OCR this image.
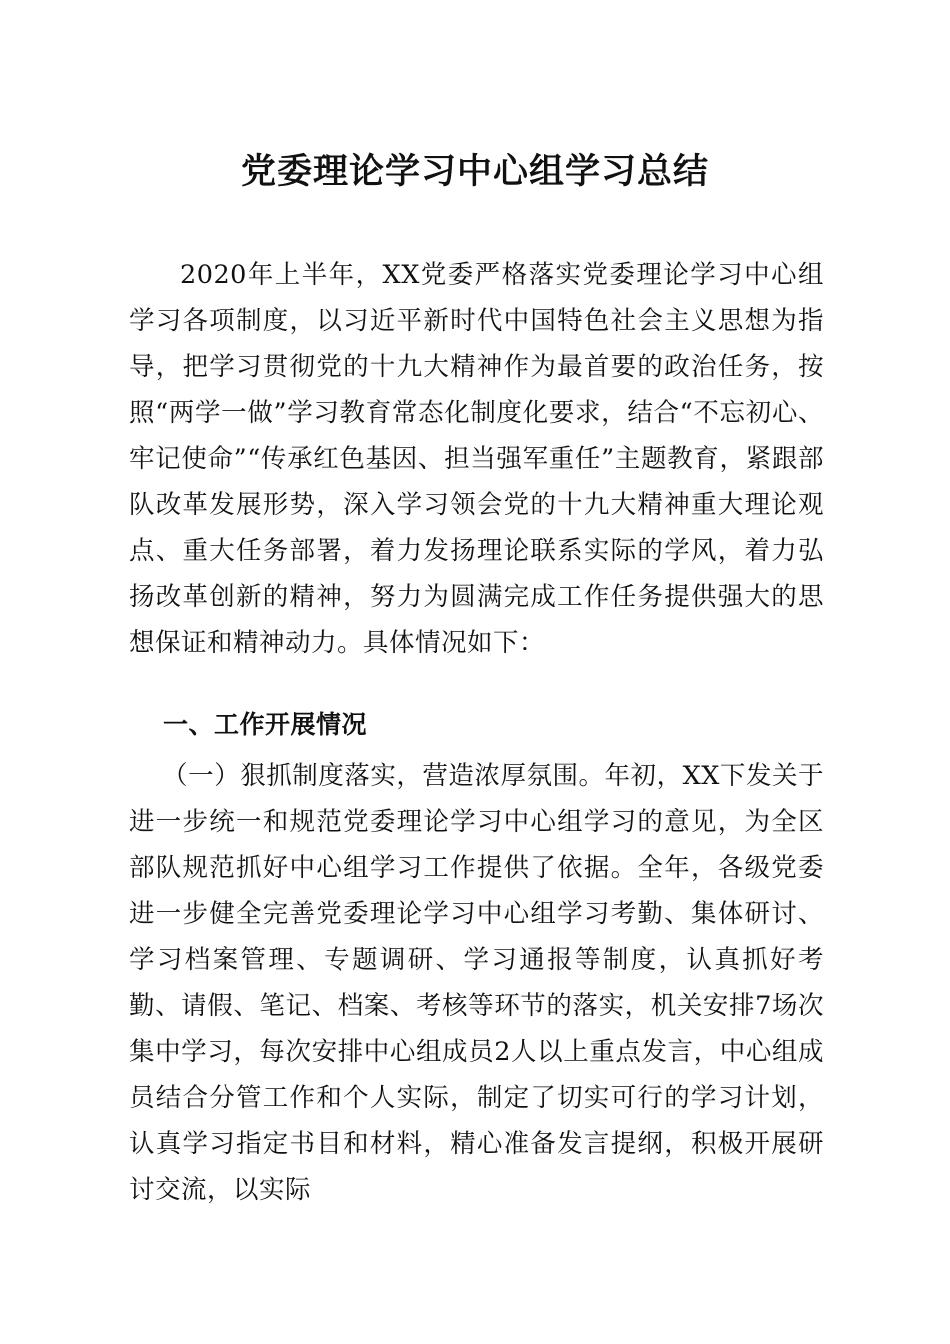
党委理论学习中心组学习总结

2020年上半年，XX党委严格落实党委理论学习中心组学习各项制度，以习近平新时代中国特色社会主义思想为指导，把学习贯彻党的十九大精神作为最首要的政治任务，按照“两学一做”学习教育常态化制度化要求，结合“不忘初心、牢记使命”“传承红色基因、担当强军重任”主题教育，紧跟部队改革发展形势，深入学习领会党的十九大精神重大理论观点、重大任务部署，着力发扬理论联系实际的学风，着力弘扬改革创新的精神，努力为圆满完成工作任务提供强大的思想保证和精神动力。具体情况如下：

一、工作开展情况

（一）狠抓制度落实，营造浓厚氛围。年初，XX下发关于进一步统一和规范党委理论学习中心组学习的意见，为全区部队规范抓好中心组学习工作提供了依据。全年，各级党委进一步健全完善党委理论学习中心组学习考勤、集体研讨、学习档案管理、专题调研、学习通报等制度，认真抓好考勤、请假、笔记、档案、考核等环节的落实，机关安排7场次集中学习，每次安排中心组成员2人以上重点发言，中心组成员结合分管工作和个人实际，制定了切实可行的学习计划，认真学习指定书目和材料，精心准备发言提纲，积极开展研讨交流，以实际
